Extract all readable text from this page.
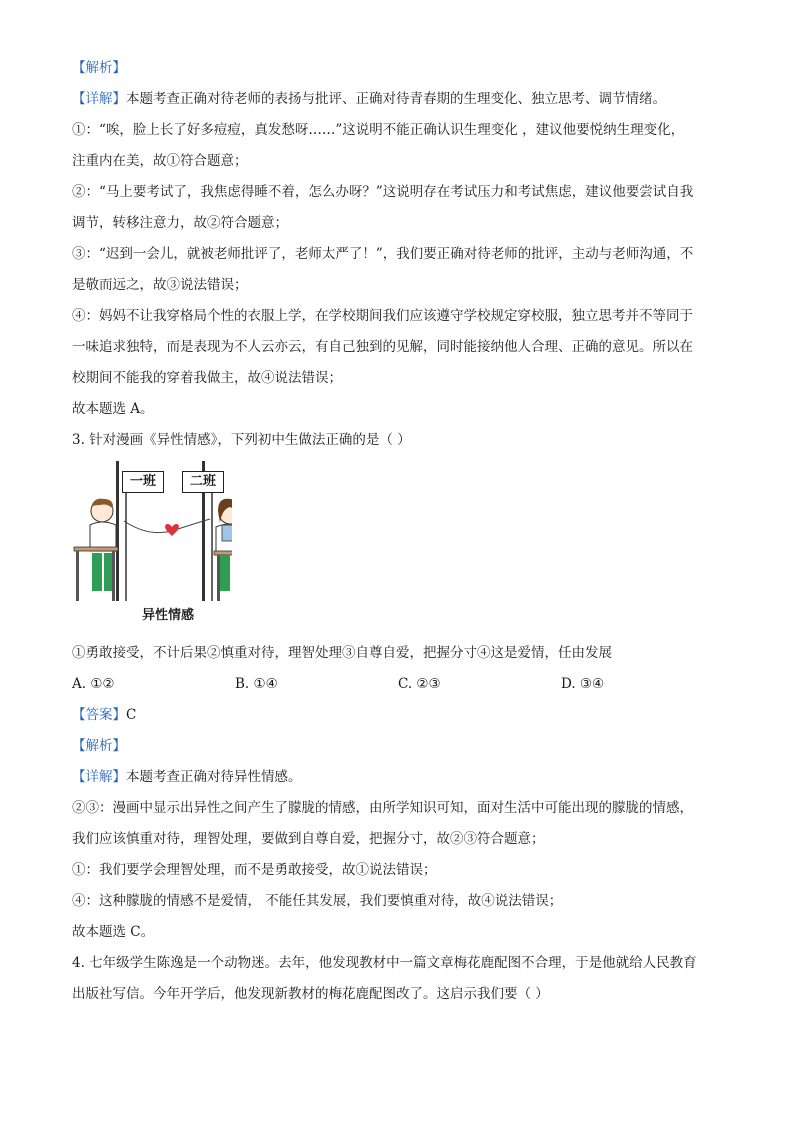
【解析】
【详解】本题考查正确对待老师的表扬与批评、正确对待青春期的生理变化、独立思考、调节情绪。
①：“唉，脸上长了好多痘痘，真发愁呀……”这说明不能正确认识生理变化 ，建议他要悦纳生理变化，
注重内在美，故①符合题意；
②：“马上要考试了，我焦虑得睡不着，怎么办呀？”这说明存在考试压力和考试焦虑，建议他要尝试自我
调节，转移注意力，故②符合题意；
③：“迟到一会儿，就被老师批评了，老师太严了！”，我们要正确对待老师的批评，主动与老师沟通，不
是敬而远之，故③说法错误；
④：妈妈不让我穿格局个性的衣服上学，在学校期间我们应该遵守学校规定穿校服，独立思考并不等同于
一味追求独特，而是表现为不人云亦云，有自己独到的见解，同时能接纳他人合理、正确的意见。所以在
校期间不能我的穿着我做主，故④说法错误；
故本题选 A。
3. 针对漫画《异性情感》，下列初中生做法正确的是（ ）
一班	二班
异性情感
①勇敢接受，不计后果②慎重对待，理智处理③自尊自爱，把握分寸④这是爱情，任由发展
A. ①②	B. ①④	C. ②③	D. ③④
【答案】C
【解析】
【详解】本题考查正确对待异性情感。
②③：漫画中显示出异性之间产生了朦胧的情感，由所学知识可知，面对生活中可能出现的朦胧的情感，
我们应该慎重对待，理智处理，要做到自尊自爱，把握分寸，故②③符合题意；
①：我们要学会理智处理，而不是勇敢接受，故①说法错误；
④：这种朦胧的情感不是爱情， 不能任其发展，我们要慎重对待，故④说法错误；
故本题选 C。
4. 七年级学生陈逸是一个动物迷。去年，他发现教材中一篇文章梅花鹿配图不合理，于是他就给人民教育
出版社写信。今年开学后，他发现新教材的梅花鹿配图改了。这启示我们要（ ）
